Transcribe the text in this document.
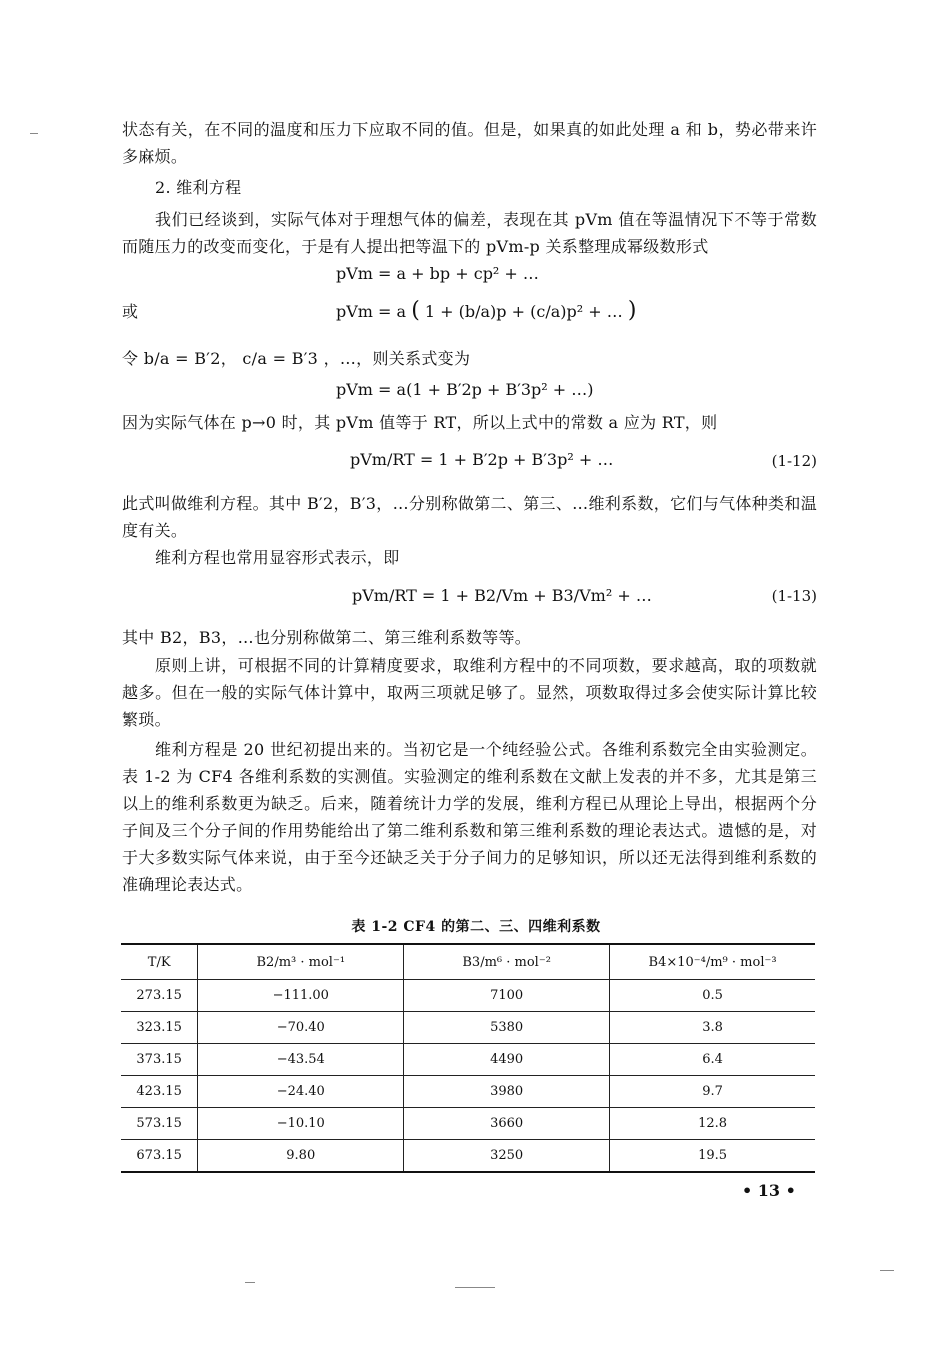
状态有关，在不同的温度和压力下应取不同的值。但是，如果真的如此处理 a 和 b，势必带来许多麻烦。
2. 维利方程
我们已经谈到，实际气体对于理想气体的偏差，表现在其 pVm 值在等温情况下不等于常数而随压力的改变而变化，于是有人提出把等温下的 pVm-p 关系整理成幂级数形式
pVm = a + bp + cp² + …
或	pVm = a ( 1 + (b/a)p + (c/a)p² + … )
令 b/a = B′2， c/a = B′3 ，…，则关系式变为
pVm = a(1 + B′2p + B′3p² + …)
因为实际气体在 p→0 时，其 pVm 值等于 RT，所以上式中的常数 a 应为 RT，则
pVm/RT = 1 + B′2p + B′3p² + …	(1-12)
此式叫做维利方程。其中 B′2，B′3，…分别称做第二、第三、…维利系数，它们与气体种类和温度有关。
维利方程也常用显容形式表示，即
pVm/RT = 1 + B2/Vm + B3/Vm² + …	(1-13)
其中 B2，B3，…也分别称做第二、第三维利系数等等。
原则上讲，可根据不同的计算精度要求，取维利方程中的不同项数，要求越高，取的项数就越多。但在一般的实际气体计算中，取两三项就足够了。显然，项数取得过多会使实际计算比较繁琐。
维利方程是 20 世纪初提出来的。当初它是一个纯经验公式。各维利系数完全由实验测定。表 1-2 为 CF4 各维利系数的实测值。实验测定的维利系数在文献上发表的并不多，尤其是第三以上的维利系数更为缺乏。后来，随着统计力学的发展，维利方程已从理论上导出，根据两个分子间及三个分子间的作用势能给出了第二维利系数和第三维利系数的理论表达式。遗憾的是，对于大多数实际气体来说，由于至今还缺乏关于分子间力的足够知识，所以还无法得到维利系数的准确理论表达式。
表 1-2 CF4 的第二、三、四维利系数
T/K	B2/m³ · mol⁻¹	B3/m⁶ · mol⁻²	B4×10⁻⁴/m⁹ · mol⁻³
273.15	−111.00	7100	0.5
323.15	−70.40	5380	3.8
373.15	−43.54	4490	6.4
423.15	−24.40	3980	9.7
573.15	−10.10	3660	12.8
673.15	9.80	3250	19.5
• 13 •
